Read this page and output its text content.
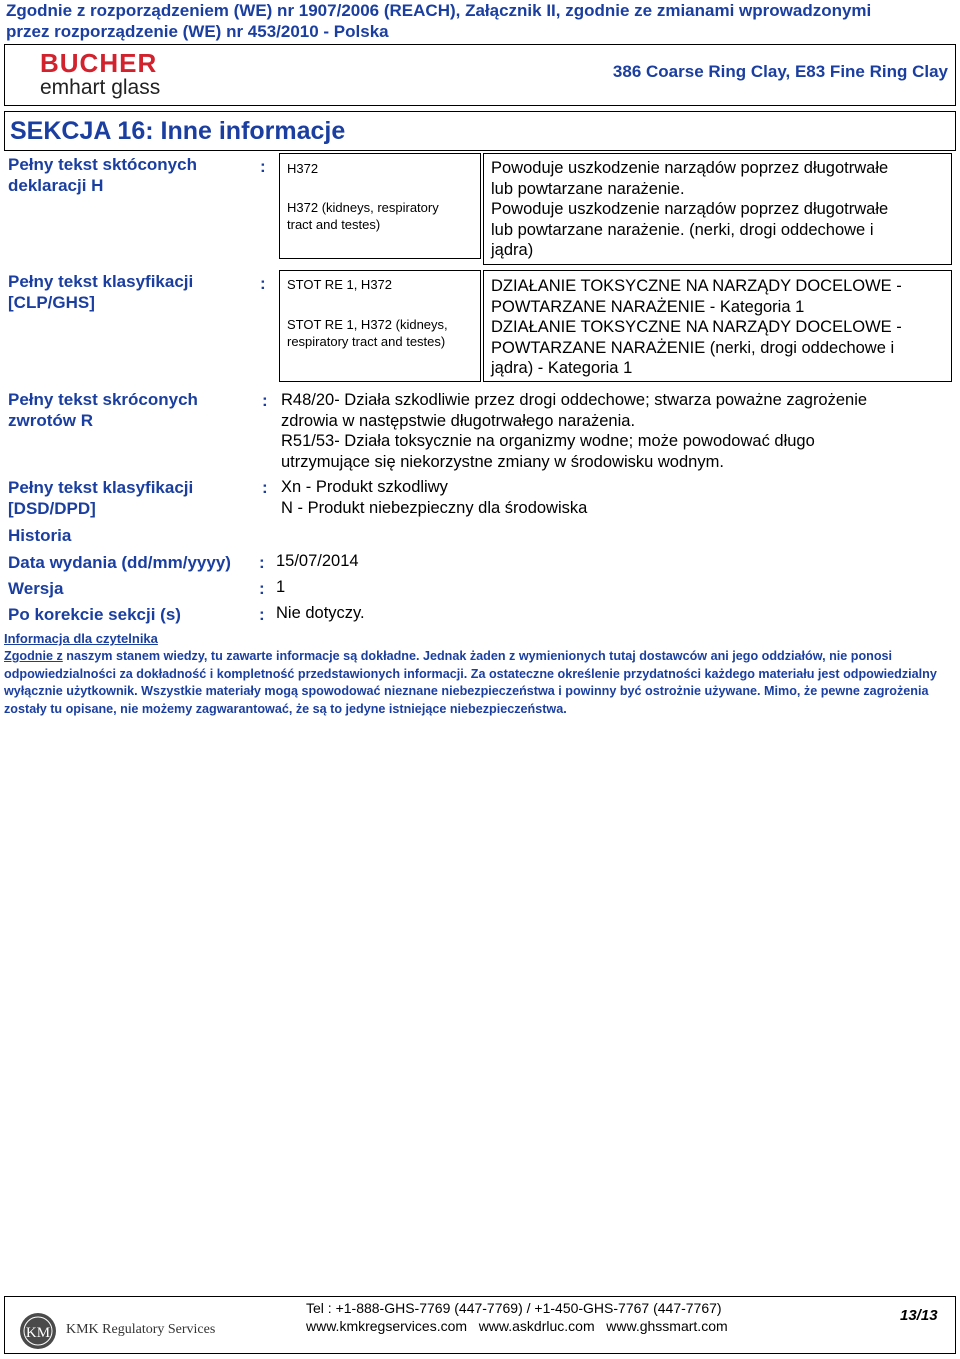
Zgodnie z rozporządzeniem (WE) nr 1907/2006 (REACH), Załącznik II, zgodnie ze zmianami wprowadzonymi
przez rozporządzenie (WE) nr 453/2010 - Polska
BUCHER
emhart glass
386 Coarse Ring Clay, E83 Fine Ring Clay
SEKCJA 16: Inne informacje
Pełny tekst sktóconych
deklaracji H
: H372
H372 (kidneys, respiratory
tract and testes)
Powoduje uszkodzenie narządów poprzez długotrwałe
lub powtarzane narażenie.
Powoduje uszkodzenie narządów poprzez długotrwałe
lub powtarzane narażenie. (nerki, drogi oddechowe i
jądra)
Pełny tekst klasyfikacji
[CLP/GHS]
: STOT RE 1, H372
STOT RE 1, H372 (kidneys,
respiratory tract and testes)
DZIAŁANIE TOKSYCZNE NA NARZĄDY DOCELOWE -
POWTARZANE NARAŻENIE - Kategoria 1
DZIAŁANIE TOKSYCZNE NA NARZĄDY DOCELOWE -
POWTARZANE NARAŻENIE (nerki, drogi oddechowe i
jądra) - Kategoria 1
Pełny tekst skróconych
zwrotów R
: R48/20- Działa szkodliwie przez drogi oddechowe; stwarza poważne zagrożenie
zdrowia w następstwie długotrwałego narażenia.
R51/53- Działa toksycznie na organizmy wodne; może powodować długo
utrzymujące się niekorzystne zmiany w środowisku wodnym.
Pełny tekst klasyfikacji
[DSD/DPD]
: Xn - Produkt szkodliwy
N - Produkt niebezpieczny dla środowiska
Historia
Data wydania (dd/mm/yyyy) : 15/07/2014
Wersja	: 1
Po korekcie sekcji (s)	: Nie dotyczy.
Informacja dla czytelnika
Zgodnie z naszym stanem wiedzy, tu zawarte informacje są dokładne. Jednak żaden z wymienionych tutaj dostawców ani jego oddziałów, nie ponosi odpowiedzialności za dokładność i kompletność przedstawionych informacji. Za ostateczne określenie przydatności każdego materiału jest odpowiedzialny wyłącznie użytkownik. Wszystkie materiały mogą spowodować nieznane niebezpieczeństwa i powinny być ostrożnie używane. Mimo, że pewne zagrożenia zostały tu opisane, nie możemy zagwarantować, że są to jedyne istniejące niebezpieczeństwa.
KM KMK Regulatory Services
Tel : +1-888-GHS-7769 (447-7769) / +1-450-GHS-7767 (447-7767)
www.kmkregservices.com   www.askdrluc.com   www.ghssmart.com
13/13
